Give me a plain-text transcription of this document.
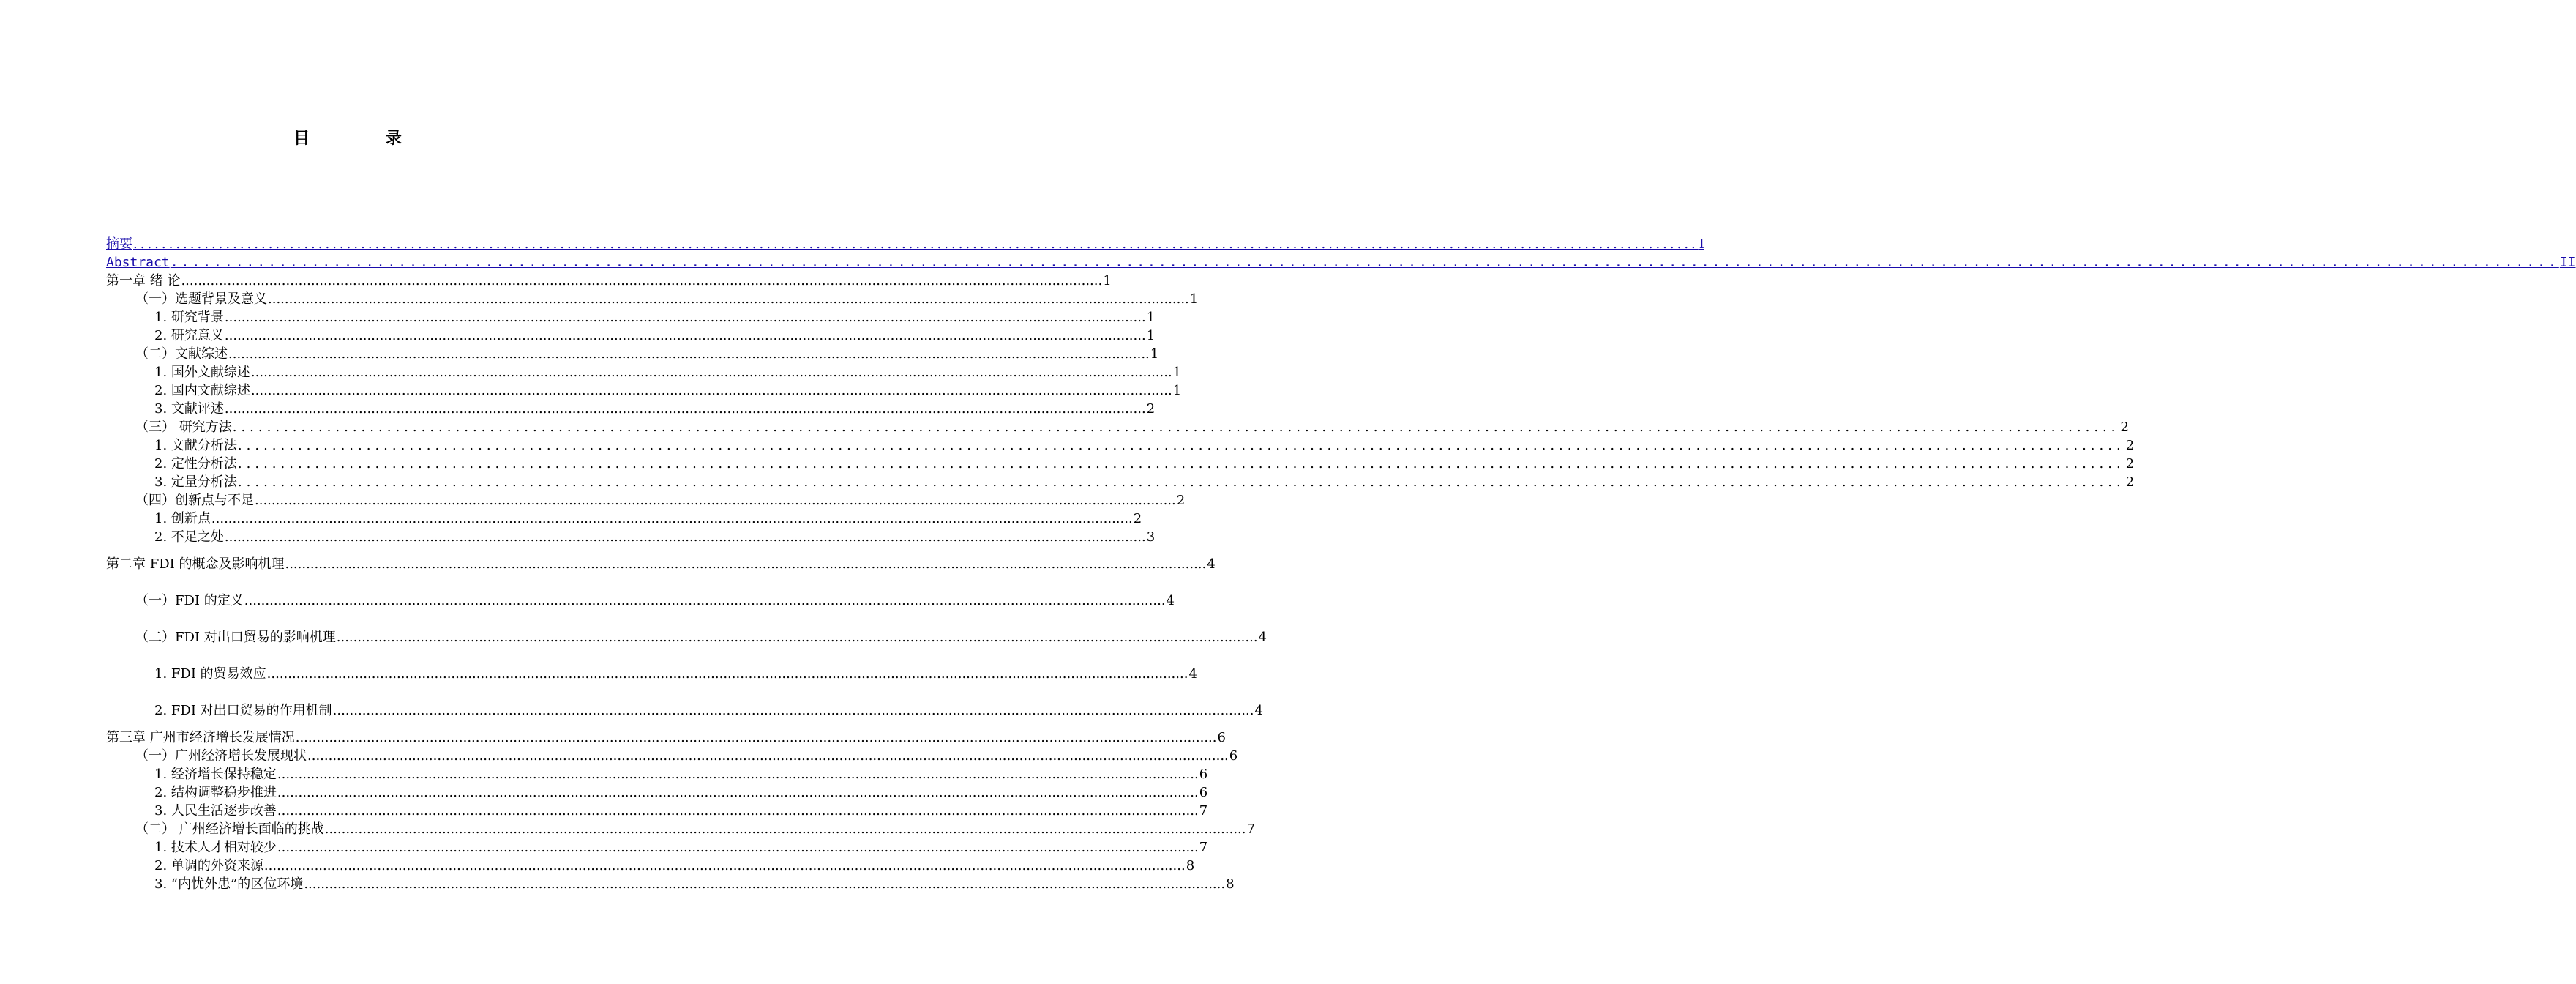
目 录
摘要 ............................................................................................................................................................................................................................ I
Abstract ............................................................................................................................................................................................................................ II
第一章 绪 论 ............................................................................................................................................................................................................................ 1
（一）选题背景及意义 ............................................................................................................................................................................................................................ 1
1. 研究背景 ............................................................................................................................................................................................................................ 1
2. 研究意义 ............................................................................................................................................................................................................................ 1
（二）文献综述 ............................................................................................................................................................................................................................ 1
1. 国外文献综述 ............................................................................................................................................................................................................................ 1
2. 国内文献综述 ............................................................................................................................................................................................................................ 1
3. 文献评述 ............................................................................................................................................................................................................................ 2
（三） 研究方法 ............................................................................................................................................................................................................................ 2
1. 文献分析法 ............................................................................................................................................................................................................................ 2
2. 定性分析法 ............................................................................................................................................................................................................................ 2
3. 定量分析法 ............................................................................................................................................................................................................................ 2
（四）创新点与不足 ............................................................................................................................................................................................................................ 2
1. 创新点 ............................................................................................................................................................................................................................ 2
2. 不足之处 ............................................................................................................................................................................................................................ 3
第二章 FDI 的概念及影响机理 ............................................................................................................................................................................................................................ 4
（一）FDI 的定义 ............................................................................................................................................................................................................................ 4
（二）FDI 对出口贸易的影响机理 ............................................................................................................................................................................................................................ 4
1. FDI 的贸易效应 ............................................................................................................................................................................................................................ 4
2. FDI 对出口贸易的作用机制 ............................................................................................................................................................................................................................ 4
第三章 广州市经济增长发展情况 ............................................................................................................................................................................................................................ 6
（一）广州经济增长发展现状 ............................................................................................................................................................................................................................ 6
1. 经济增长保持稳定 ............................................................................................................................................................................................................................ 6
2. 结构调整稳步推进 ............................................................................................................................................................................................................................ 6
3. 人民生活逐步改善 ............................................................................................................................................................................................................................ 7
（二） 广州经济增长面临的挑战 ............................................................................................................................................................................................................................ 7
1. 技术人才相对较少 ............................................................................................................................................................................................................................ 7
2. 单调的外资来源 ............................................................................................................................................................................................................................ 8
3. “内忧外患”的区位环境 ............................................................................................................................................................................................................................ 8
